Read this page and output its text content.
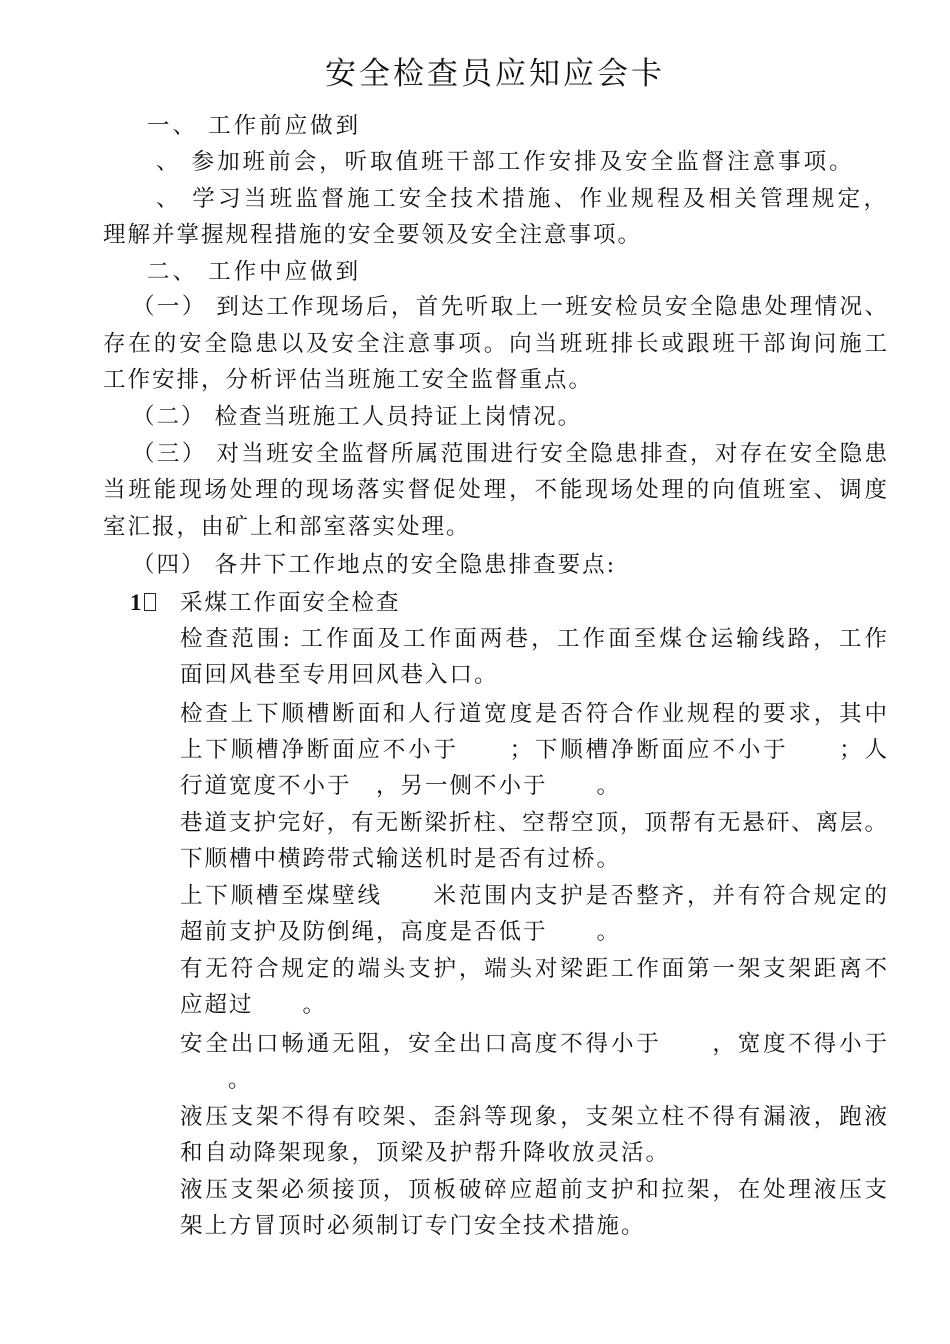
安全检查员应知应会卡
一、 工作前应做到
、 参加班前会，听取值班干部工作安排及安全监督注意事项。
、 学习当班监督施工安全技术措施、作业规程及相关管理规定，
理解并掌握规程措施的安全要领及安全注意事项。
二、 工作中应做到
（一） 到达工作现场后，首先听取上一班安检员安全隐患处理情况、
存在的安全隐患以及安全注意事项。向当班班排长或跟班干部询问施工
工作安排，分析评估当班施工安全监督重点。
（二） 检查当班施工人员持证上岗情况。
（三） 对当班安全监督所属范围进行安全隐患排查，对存在安全隐患
当班能现场处理的现场落实督促处理，不能现场处理的向值班室、调度
室汇报，由矿上和部室落实处理。
（四） 各井下工作地点的安全隐患排查要点:
1	采煤工作面安全检查
检查范围: 工作面及工作面两巷，工作面至煤仓运输线路，工作
面回风巷至专用回风巷入口。
检查上下顺槽断面和人行道宽度是否符合作业规程的要求，其中
上下顺槽净断面应不小于　　；下顺槽净断面应不小于　　；人
行道宽度不小于　，另一侧不小于　　。
巷道支护完好，有无断梁折柱、空帮空顶，顶帮有无悬矸、离层。
下顺槽中横跨带式输送机时是否有过桥。
上下顺槽至煤壁线　　米范围内支护是否整齐，并有符合规定的
超前支护及防倒绳，高度是否低于　　。
有无符合规定的端头支护，端头对梁距工作面第一架支架距离不
应超过　　。
安全出口畅通无阻，安全出口高度不得小于　　，宽度不得小于
。
液压支架不得有咬架、歪斜等现象，支架立柱不得有漏液，跑液
和自动降架现象，顶梁及护帮升降收放灵活。
液压支架必须接顶，顶板破碎应超前支护和拉架，在处理液压支
架上方冒顶时必须制订专门安全技术措施。
